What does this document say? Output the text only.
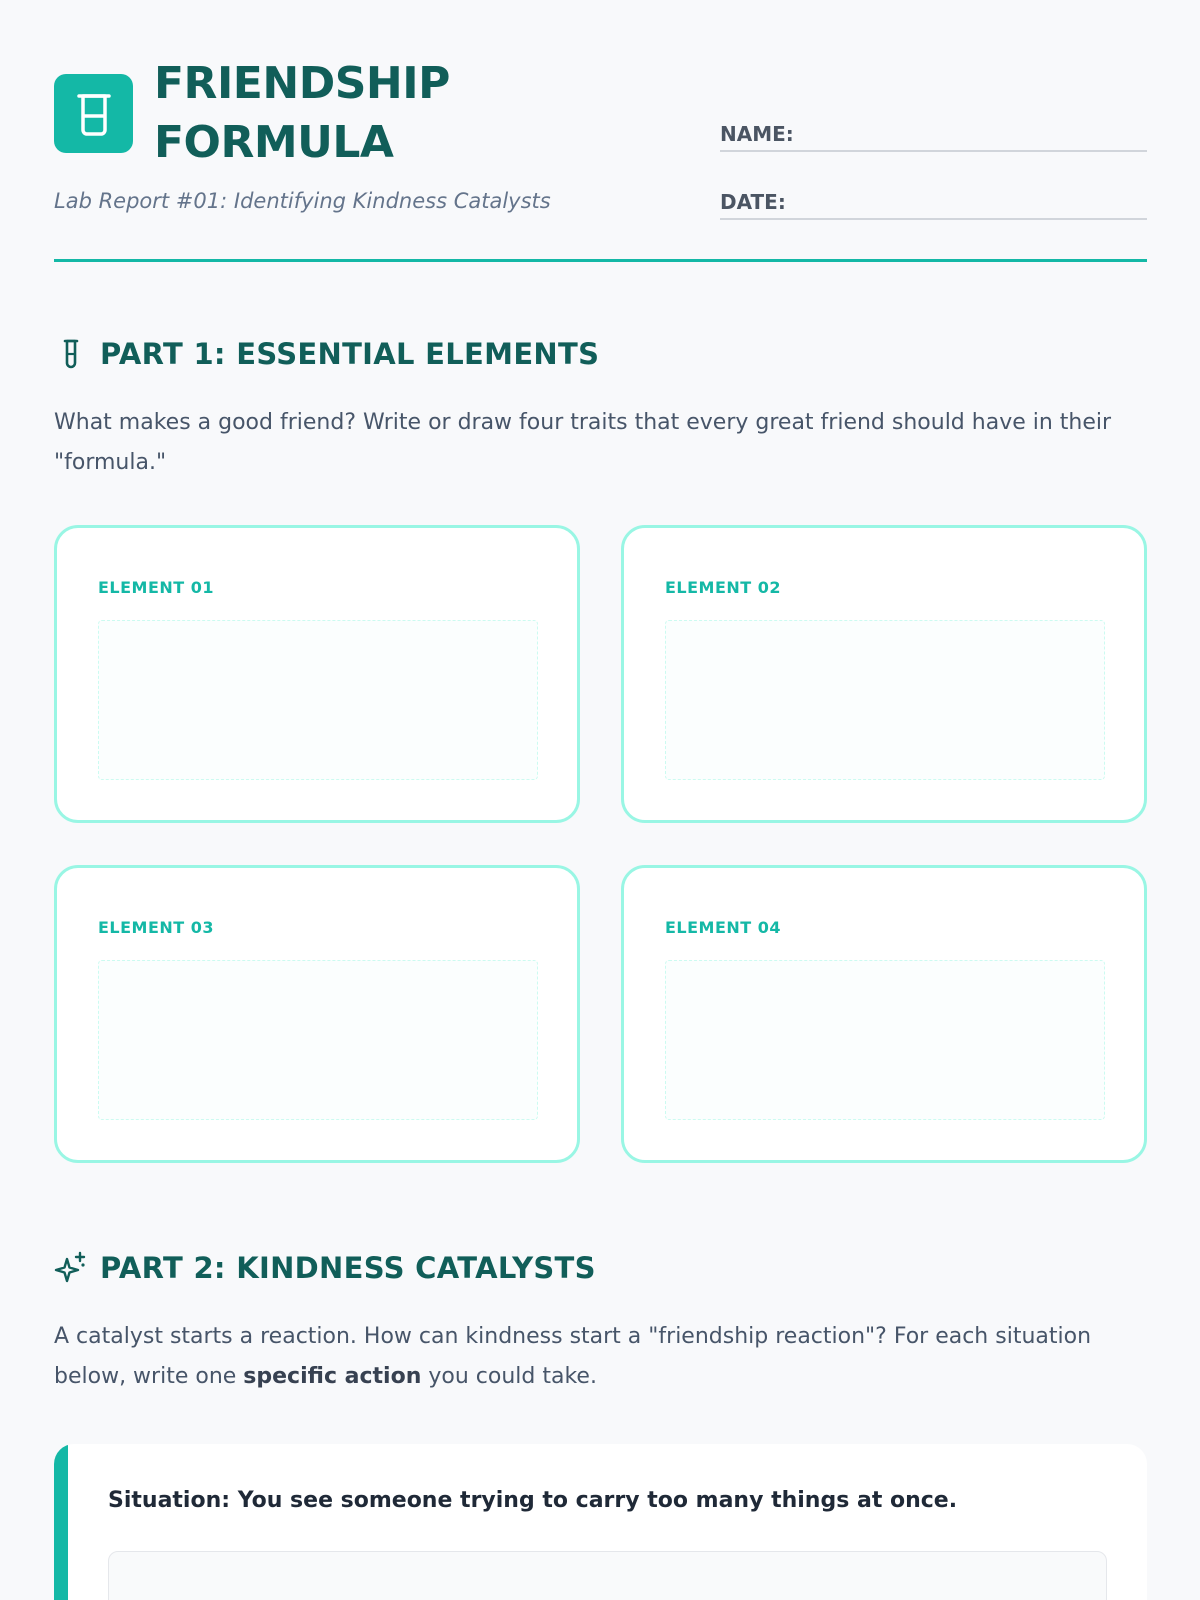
FRIENDSHIP
FORMULA
Lab Report #01: Identifying Kindness Catalysts
NAME:
DATE:
PART 1: ESSENTIAL ELEMENTS

What makes a good friend? Write or draw four traits that every great friend should have in their "formula."

ELEMENT 01	ELEMENT 02
ELEMENT 03	ELEMENT 04
PART 2: KINDNESS CATALYSTS

A catalyst starts a reaction. How can kindness start a "friendship reaction"? For each situation below, write one specific action you could take.

Situation: You see someone trying to carry too many things at once.
